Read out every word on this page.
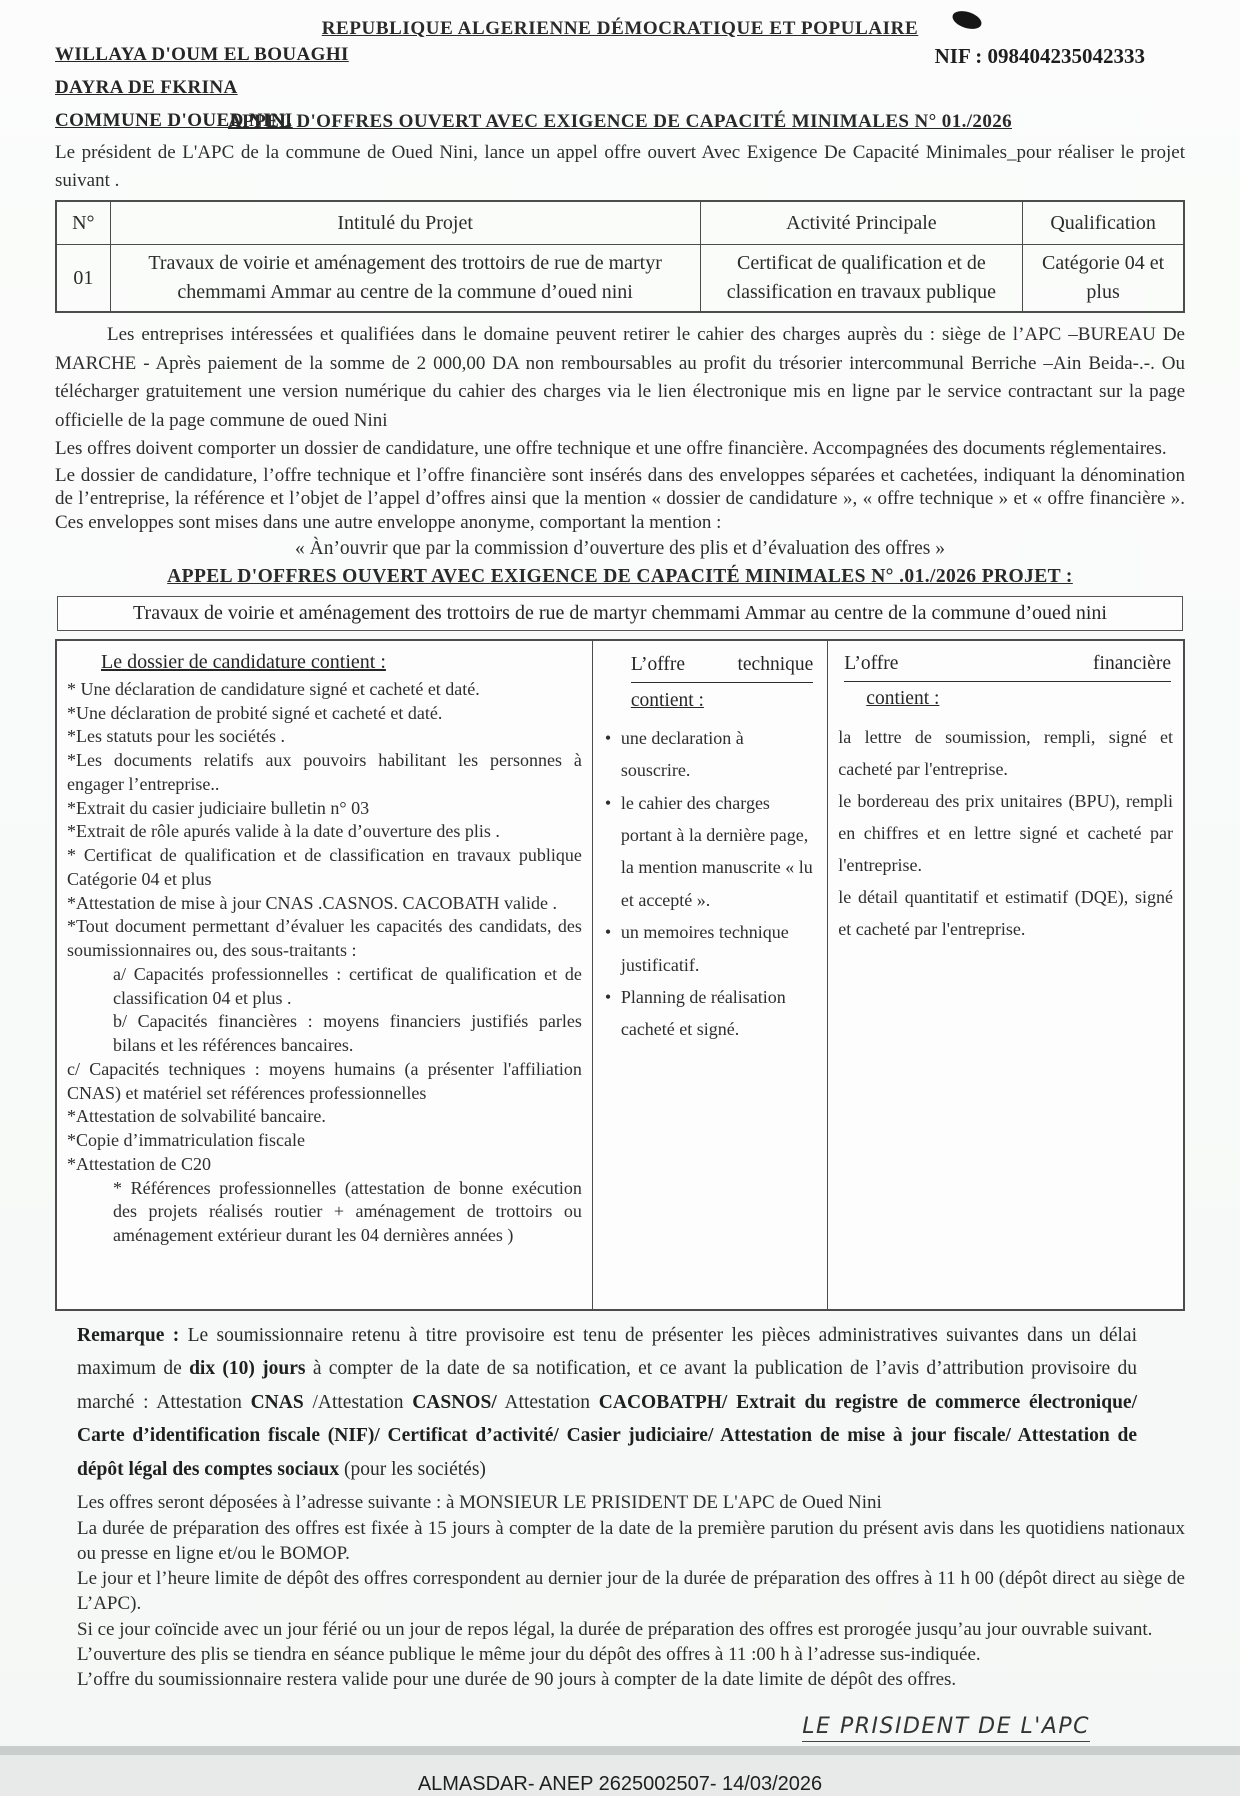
REPUBLIQUE ALGERIENNE DÉMOCRATIQUE ET POPULAIRE
WILLAYA D'OUM EL BOUAGHI
DAYRA DE FKRINA
COMMUNE D'OUED NINI
NIF : 098404235042333
APPEL D'OFFRES OUVERT AVEC EXIGENCE DE CAPACITÉ MINIMALES N° 01./2026
Le président de L'APC de la commune de Oued Nini, lance un appel offre ouvert Avec Exigence De Capacité Minimales_pour réaliser le projet suivant .
N°	Intitulé du Projet	Activité Principale	Qualification
01	Travaux de voirie et aménagement des trottoirs de rue de martyr chemmami Ammar au centre de la commune d’oued nini	Certificat de qualification et de classification en travaux publique	Catégorie 04 et plus
Les entreprises intéressées et qualifiées dans le domaine peuvent retirer le cahier des charges auprès du : siège de l’APC –BUREAU De MARCHE - Après paiement de la somme de 2 000,00 DA non remboursables au profit du trésorier intercommunal Berriche –Ain Beida-.-. Ou télécharger gratuitement une version numérique du cahier des charges via le lien électronique mis en ligne par le service contractant sur la page officielle de la page commune de oued Nini
Les offres doivent comporter un dossier de candidature, une offre technique et une offre financière. Accompagnées des documents réglementaires.
Le dossier de candidature, l’offre technique et l’offre financière sont insérés dans des enveloppes séparées et cachetées, indiquant la dénomination de l’entreprise, la référence et l’objet de l’appel d’offres ainsi que la mention « dossier de candidature », « offre technique » et « offre financière ». Ces enveloppes sont mises dans une autre enveloppe anonyme, comportant la mention :
« Àn’ouvrir que par la commission d’ouverture des plis et d’évaluation des offres »
APPEL D'OFFRES OUVERT AVEC EXIGENCE DE CAPACITÉ MINIMALES N° .01./2026 PROJET :
Travaux de voirie et aménagement des trottoirs de rue de martyr chemmami Ammar au centre de la commune d’oued nini
Le dossier de candidature contient :
* Une déclaration de candidature signé et cacheté et daté.
*Une déclaration de probité signé et cacheté et daté.
*Les statuts pour les sociétés .
*Les documents relatifs aux pouvoirs habilitant les personnes à engager l’entreprise..
*Extrait du casier judiciaire bulletin n° 03
*Extrait de rôle apurés valide à la date d’ouverture des plis .
* Certificat de qualification et de classification en travaux publique Catégorie 04 et plus
*Attestation de mise à jour CNAS .CASNOS. CACOBATH valide .
*Tout document permettant d’évaluer les capacités des candidats, des soumissionnaires ou, des sous-traitants :
a/ Capacités professionnelles : certificat de qualification et de classification 04 et plus .
b/ Capacités financières : moyens financiers justifiés parles bilans et les références bancaires.
c/ Capacités techniques : moyens humains (a présenter l'affiliation CNAS) et matériel set références professionnelles
*Attestation de solvabilité bancaire.
*Copie d’immatriculation fiscale
*Attestation de C20
* Références professionnelles (attestation de bonne exécution des projets réalisés routier + aménagement de trottoirs ou aménagement extérieur durant les 04 dernières années )
L’offre	technique
contient :
• une declaration à souscrire.
• le cahier des charges portant à la dernière page, la mention manuscrite « lu et accepté ».
• un memoires technique justificatif.
• Planning de réalisation cacheté et signé.
L’offre	financière
contient :
la lettre de soumission, rempli, signé et cacheté par l'entreprise.
le bordereau des prix unitaires (BPU), rempli en chiffres et en lettre signé et cacheté par l'entreprise.
le détail quantitatif et estimatif (DQE), signé et cacheté par l'entreprise.
Remarque : Le soumissionnaire retenu à titre provisoire est tenu de présenter les pièces administratives suivantes dans un délai maximum de dix (10) jours à compter de la date de sa notification, et ce avant la publication de l’avis d’attribution provisoire du marché : Attestation CNAS /Attestation CASNOS/ Attestation CACOBATPH/ Extrait du registre de commerce électronique/ Carte d’identification fiscale (NIF)/ Certificat d’activité/ Casier judiciaire/ Attestation de mise à jour fiscale/ Attestation de dépôt légal des comptes sociaux (pour les sociétés)
Les offres seront déposées à l’adresse suivante : à MONSIEUR LE PRISIDENT DE L'APC de Oued Nini
La durée de préparation des offres est fixée à 15 jours à compter de la date de la première parution du présent avis dans les quotidiens nationaux ou presse en ligne et/ou le BOMOP.
Le jour et l’heure limite de dépôt des offres correspondent au dernier jour de la durée de préparation des offres à 11 h 00 (dépôt direct au siège de L’APC).
Si ce jour coïncide avec un jour férié ou un jour de repos légal, la durée de préparation des offres est prorogée jusqu’au jour ouvrable suivant.
L’ouverture des plis se tiendra en séance publique le même jour du dépôt des offres à 11 :00 h à l’adresse sus-indiquée.
L’offre du soumissionnaire restera valide pour une durée de 90 jours à compter de la date limite de dépôt des offres.
LE PRISIDENT DE L'APC
ALMASDAR- ANEP 2625002507- 14/03/2026
